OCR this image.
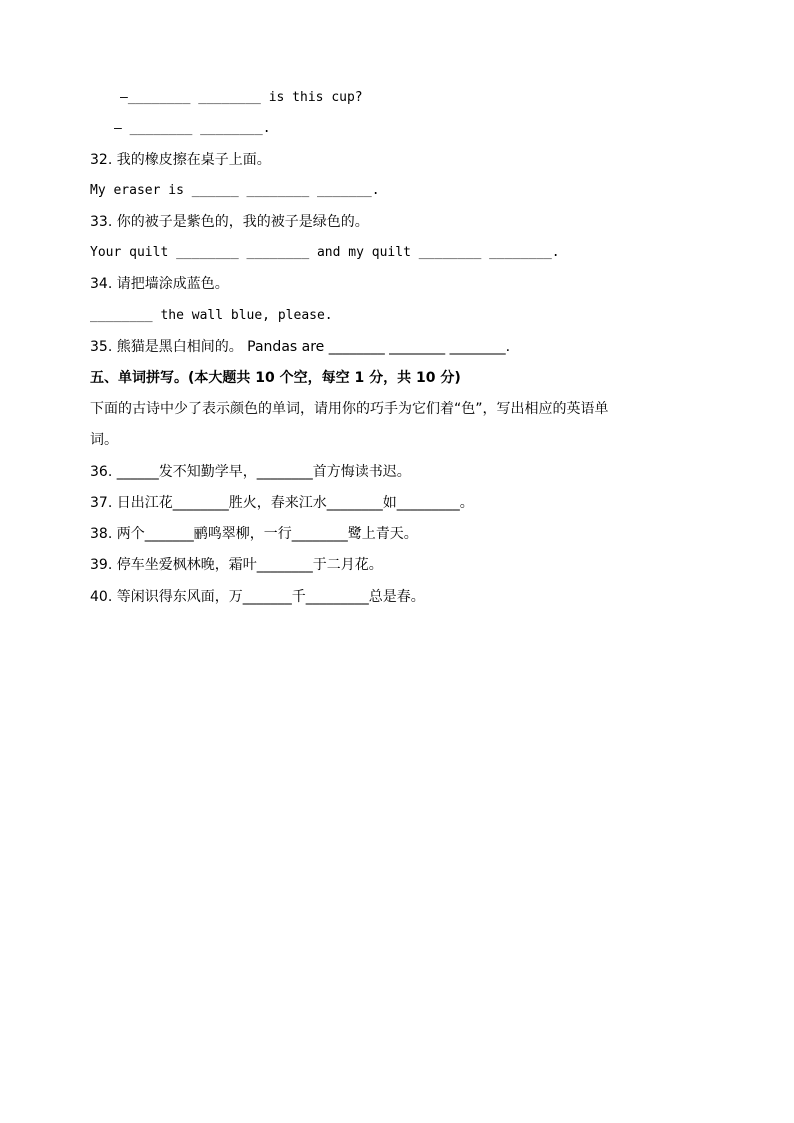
—________ ________ is this cup?
— ________ ________.
32. 我的橡皮擦在桌子上面。
My eraser is ______ ________ _______.
33. 你的被子是紫色的，我的被子是绿色的。
Your quilt ________ ________ and my quilt ________ ________.
34. 请把墙涂成蓝色。
________ the wall blue, please.
35. 熊猫是黑白相间的。 Pandas are ________ ________ ________.
五、单词拼写。(本大题共 10 个空，每空 1 分，共 10 分)
下面的古诗中少了表示颜色的单词，请用你的巧手为它们着“色”，写出相应的英语单
词。
36. ______发不知勤学早，________首方悔读书迟。
37. 日出江花________胜火，春来江水________如_________。
38. 两个_______鹂鸣翠柳，一行________鹭上青天。
39. 停车坐爱枫林晚，霜叶________于二月花。
40. 等闲识得东风面，万_______千_________总是春。
